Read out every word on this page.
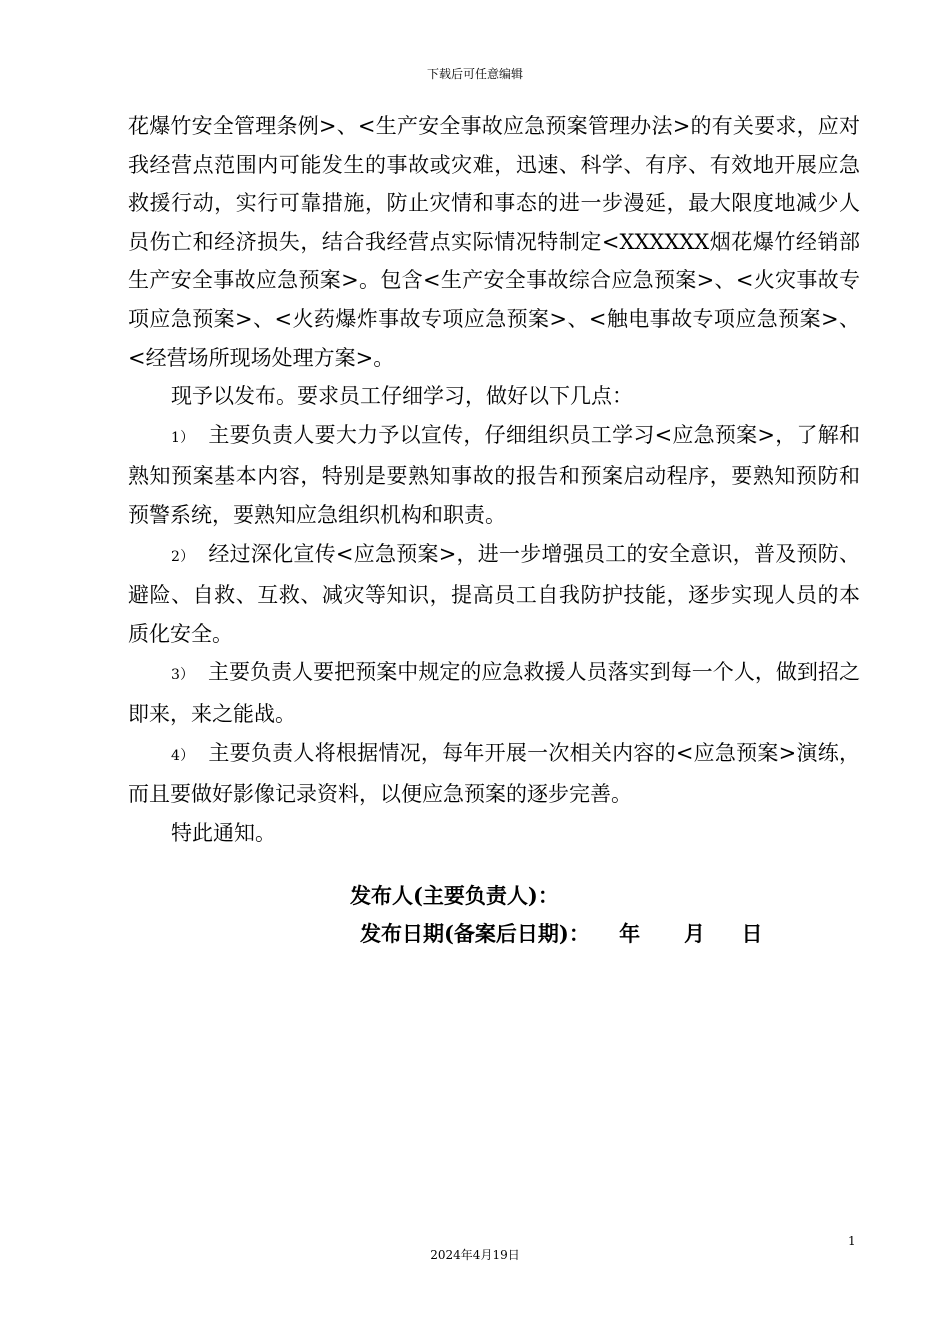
下载后可任意编辑

花爆竹安全管理条例>、<生产安全事故应急预案管理办法>的有关要求，应对我经营点范围内可能发生的事故或灾难，迅速、科学、有序、有效地开展应急救援行动，实行可靠措施，防止灾情和事态的进一步漫延，最大限度地减少人员伤亡和经济损失，结合我经营点实际情况特制定<XXXXXX烟花爆竹经销部生产安全事故应急预案>。包含<生产安全事故综合应急预案>、<火灾事故专项应急预案>、<火药爆炸事故专项应急预案>、<触电事故专项应急预案>、<经营场所现场处理方案>。

现予以发布。要求员工仔细学习，做好以下几点：

1） 主要负责人要大力予以宣传，仔细组织员工学习<应急预案>，了解和熟知预案基本内容，特别是要熟知事故的报告和预案启动程序，要熟知预防和预警系统，要熟知应急组织机构和职责。

2） 经过深化宣传<应急预案>，进一步增强员工的安全意识，普及预防、避险、自救、互救、减灾等知识，提高员工自我防护技能，逐步实现人员的本质化安全。

3） 主要负责人要把预案中规定的应急救援人员落实到每一个人，做到招之即来，来之能战。

4） 主要负责人将根据情况，每年开展一次相关内容的<应急预案>演练，而且要做好影像记录资料，以便应急预案的逐步完善。

特此通知。

发布人(主要负责人)：
发布日期(备案后日期)：    年      月     日
1
2024年4月19日
